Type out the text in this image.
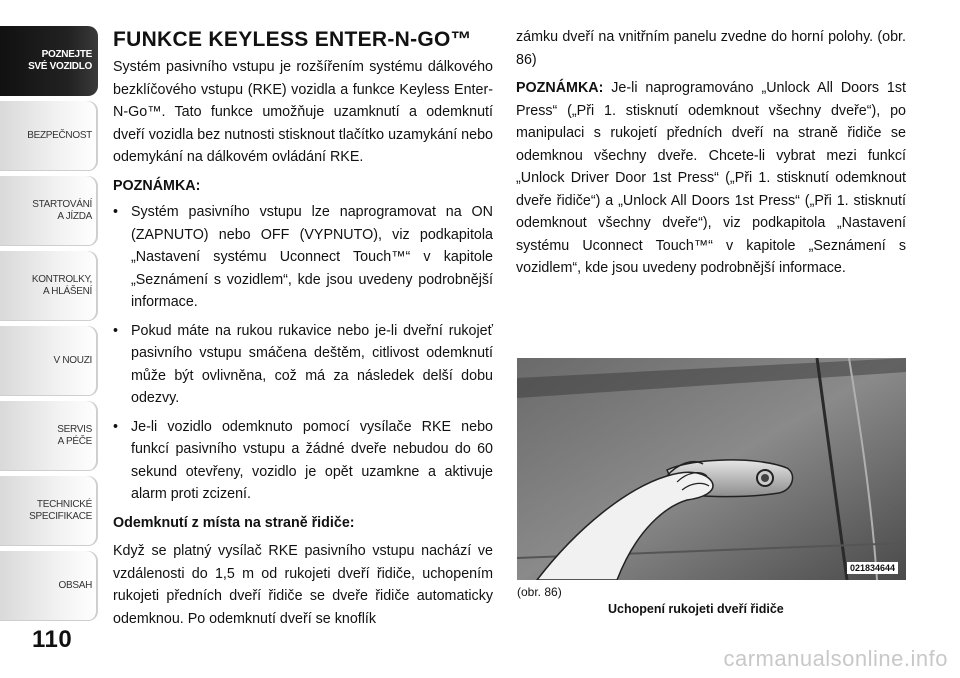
POZNEJTE
SVÉ VOZIDLO
BEZPEČNOST
STARTOVÁNÍ
A JÍZDA
KONTROLKY,
A HLÁŠENÍ
V NOUZI
SERVIS
A PÉČE
TECHNICKÉ
SPECIFIKACE
OBSAH
110
FUNKCE KEYLESS ENTER-N-GO™

Systém pasivního vstupu je rozšířením systému dálkového bezklíčového vstupu (RKE) vozidla a funkce Keyless Enter-N-Go™. Tato funkce umožňuje uzamknutí a odemknutí dveří vozidla bez nutnosti stisknout tlačítko uzamykání nebo odemykání na dálkovém ovládání RKE.

POZNÁMKA:
• Systém pasivního vstupu lze naprogramovat na ON (ZAPNUTO) nebo OFF (VYPNUTO), viz podkapitola „Nastavení systému Uconnect Touch™“ v kapitole „Seznámení s vozidlem“, kde jsou uvedeny podrobnější informace.
• Pokud máte na rukou rukavice nebo je-li dveřní rukojeť pasivního vstupu smáčena deštěm, citlivost odemknutí může být ovlivněna, což má za následek delší dobu odezvy.
• Je-li vozidlo odemknuto pomocí vysílače RKE nebo funkcí pasivního vstupu a žádné dveře nebudou do 60 sekund otevřeny, vozidlo je opět uzamkne a aktivuje alarm proti zcizení.
Odemknutí z místa na straně řidiče:

Když se platný vysílač RKE pasivního vstupu nachází ve vzdálenosti do 1,5 m od rukojeti dveří řidiče, uchopením rukojeti předních dveří řidiče se dveře řidiče automaticky odemknou. Po odemknutí dveří se knoflík

zámku dveří na vnitřním panelu zvedne do horní polohy. (obr. 86)

POZNÁMKA: Je-li naprogramováno „Unlock All Doors 1st Press“ („Při 1. stisknutí odemknout všechny dveře“), po manipulaci s rukojetí předních dveří na straně řidiče se odemknou všechny dveře. Chcete-li vybrat mezi funkcí „Unlock Driver Door 1st Press“ („Při 1. stisknutí odemknout dveře řidiče“) a „Unlock All Doors 1st Press“ („Při 1. stisknutí odemknout všechny dveře“), viz podkapitola „Nastavení systému Uconnect Touch™“ v kapitole „Seznámení s vozidlem“, kde jsou uvedeny podrobnější informace.

021834644
(obr. 86)
Uchopení rukojeti dveří řidiče
carmanualsonline.info
